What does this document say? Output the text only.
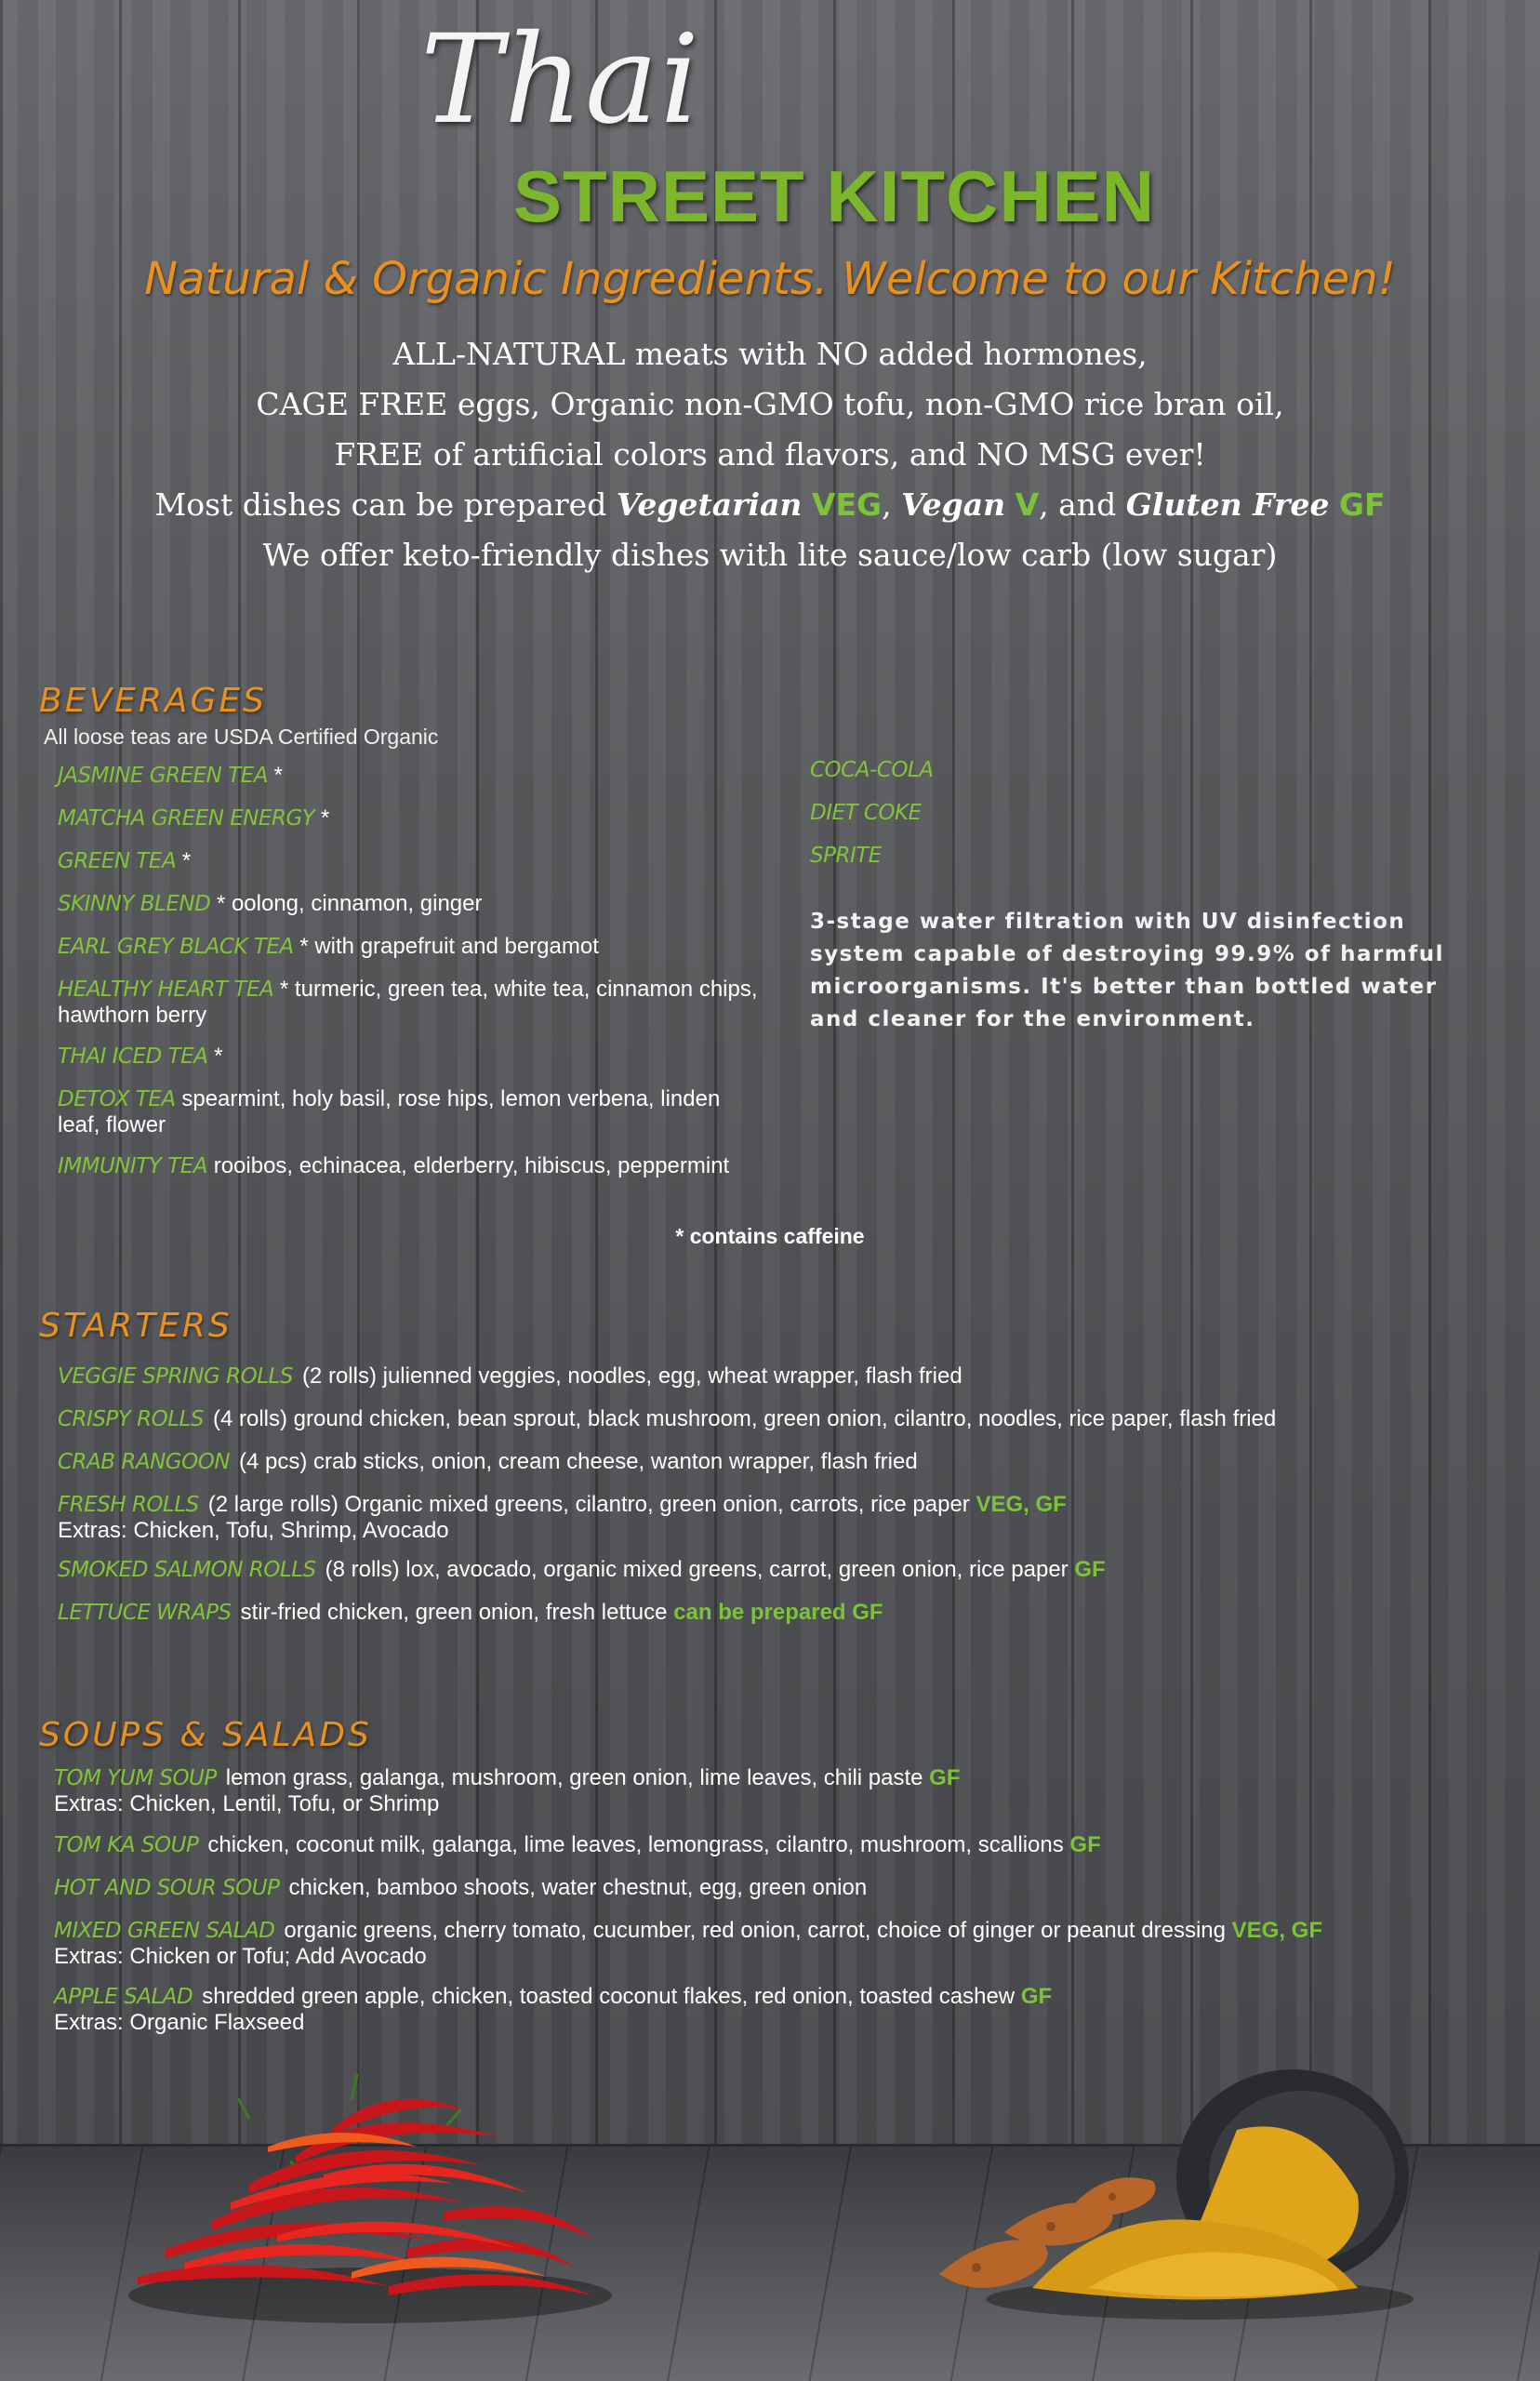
Thai
STREET KITCHEN
Natural & Organic Ingredients. Welcome to our Kitchen!
ALL-NATURAL meats with NO added hormones,
CAGE FREE eggs, Organic non-GMO tofu, non-GMO rice bran oil,
FREE of artificial colors and flavors, and NO MSG ever!
Most dishes can be prepared Vegetarian VEG, Vegan V, and Gluten Free GF
We offer keto-friendly dishes with lite sauce/low carb (low sugar)
BEVERAGES
All loose teas are USDA Certified Organic
JASMINE GREEN TEA *
MATCHA GREEN ENERGY *
GREEN TEA *
SKINNY BLEND * oolong, cinnamon, ginger
EARL GREY BLACK TEA * with grapefruit and bergamot
HEALTHY HEART TEA * turmeric, green tea, white tea, cinnamon chips, hawthorn berry
THAI ICED TEA *
DETOX TEA spearmint, holy basil, rose hips, lemon verbena, linden leaf, flower
IMMUNITY TEA rooibos, echinacea, elderberry, hibiscus, peppermint
COCA-COLA
DIET COKE
SPRITE
3-stage water filtration with UV disinfection system capable of destroying 99.9% of harmful microorganisms. It's better than bottled water and cleaner for the environment.
* contains caffeine
STARTERS
VEGGIE SPRING ROLLS (2 rolls) julienned veggies, noodles, egg, wheat wrapper, flash fried
CRISPY ROLLS (4 rolls) ground chicken, bean sprout, black mushroom, green onion, cilantro, noodles, rice paper, flash fried
CRAB RANGOON (4 pcs) crab sticks, onion, cream cheese, wanton wrapper, flash fried
FRESH ROLLS (2 large rolls) Organic mixed greens, cilantro, green onion, carrots, rice paper VEG, GF
Extras: Chicken, Tofu, Shrimp, Avocado
SMOKED SALMON ROLLS (8 rolls) lox, avocado, organic mixed greens, carrot, green onion, rice paper GF
LETTUCE WRAPS stir-fried chicken, green onion, fresh lettuce can be prepared GF
SOUPS & SALADS
TOM YUM SOUP lemon grass, galanga, mushroom, green onion, lime leaves, chili paste GF
Extras: Chicken, Lentil, Tofu, or Shrimp
TOM KA SOUP chicken, coconut milk, galanga, lime leaves, lemongrass, cilantro, mushroom, scallions GF
HOT AND SOUR SOUP chicken, bamboo shoots, water chestnut, egg, green onion
MIXED GREEN SALAD organic greens, cherry tomato, cucumber, red onion, carrot, choice of ginger or peanut dressing VEG, GF
Extras: Chicken or Tofu; Add Avocado
APPLE SALAD shredded green apple, chicken, toasted coconut flakes, red onion, toasted cashew GF
Extras: Organic Flaxseed
